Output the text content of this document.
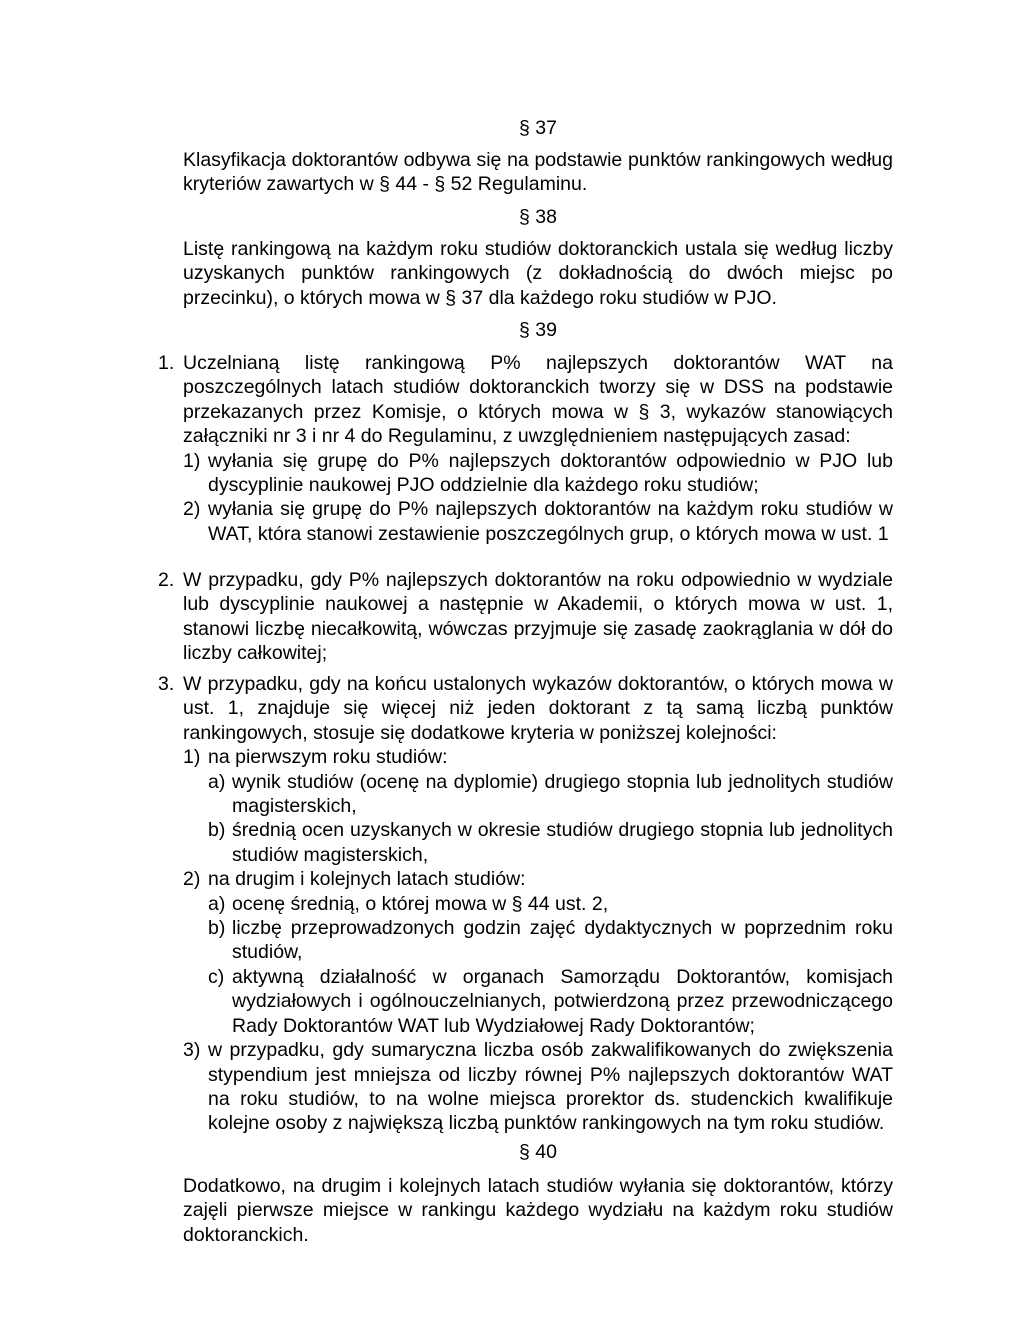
§ 37

Klasyfikacja doktorantów odbywa się na podstawie punktów rankingowych według kryteriów zawartych w § 44 - § 52 Regulaminu.

§ 38

Listę rankingową na każdym roku studiów doktoranckich ustala się według liczby uzyskanych punktów rankingowych (z dokładnością do dwóch miejsc po przecinku), o których mowa w § 37 dla każdego roku studiów w PJO.

§ 39
1. Uczelnianą listę rankingową P% najlepszych doktorantów WAT na poszczególnych latach studiów doktoranckich tworzy się w DSS na podstawie przekazanych przez Komisje, o których mowa w § 3, wykazów stanowiących załączniki nr 3 i nr 4 do Regulaminu, z uwzględnieniem następujących zasad:
1) wyłania się grupę do P% najlepszych doktorantów odpowiednio w PJO lub dyscyplinie naukowej PJO oddzielnie dla każdego roku studiów;
2) wyłania się grupę do P% najlepszych doktorantów na każdym roku studiów w WAT, która stanowi zestawienie poszczególnych grup, o których mowa w ust. 1
2. W przypadku, gdy P% najlepszych doktorantów na roku odpowiednio w wydziale lub dyscyplinie naukowej a następnie w Akademii, o których mowa w ust. 1, stanowi liczbę niecałkowitą, wówczas przyjmuje się zasadę zaokrąglania w dół do liczby całkowitej;
3. W przypadku, gdy na końcu ustalonych wykazów doktorantów, o których mowa w ust. 1, znajduje się więcej niż jeden doktorant z tą samą liczbą punktów rankingowych, stosuje się dodatkowe kryteria w poniższej kolejności:
1) na pierwszym roku studiów:
a) wynik studiów (ocenę na dyplomie) drugiego stopnia lub jednolitych studiów magisterskich,
b) średnią ocen uzyskanych w okresie studiów drugiego stopnia lub jednolitych studiów magisterskich,
2) na drugim i kolejnych latach studiów:
a) ocenę średnią, o której mowa w § 44 ust. 2,
b) liczbę przeprowadzonych godzin zajęć dydaktycznych w poprzednim roku studiów,
c) aktywną działalność w organach Samorządu Doktorantów, komisjach wydziałowych i ogólnouczelnianych, potwierdzoną przez przewodniczącego Rady Doktorantów WAT lub Wydziałowej Rady Doktorantów;
3) w przypadku, gdy sumaryczna liczba osób zakwalifikowanych do zwiększenia stypendium jest mniejsza od liczby równej P% najlepszych doktorantów WAT na roku studiów, to na wolne miejsca prorektor ds. studenckich kwalifikuje kolejne osoby z największą liczbą punktów rankingowych na tym roku studiów.
§ 40

Dodatkowo, na drugim i kolejnych latach studiów wyłania się doktorantów, którzy zajęli pierwsze miejsce w rankingu każdego wydziału na każdym roku studiów doktoranckich.
